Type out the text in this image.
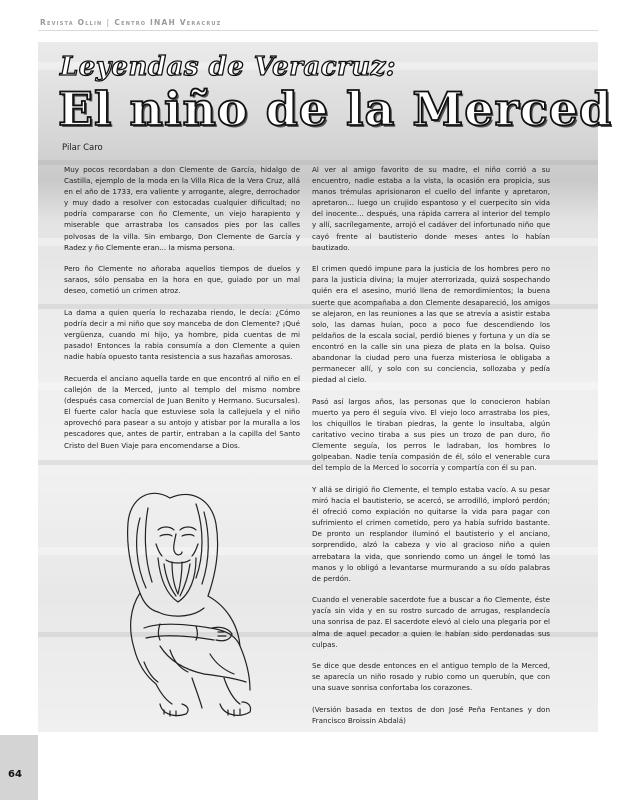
64
Revista Ollin | Centro INAH Veracruz
Leyendas de Veracruz:
El niño de la Merced
Pilar Caro

Muy pocos recordaban a don Clemente de García, hidalgo de Castilla, ejemplo de la moda en la Villa Rica de la Vera Cruz, allá en el año de 1733, era valiente y arrogante, alegre, derrochador y muy dado a resolver con estocadas cualquier dificultad; no podría compararse con ño Clemente, un viejo harapiento y miserable que arrastraba los cansados pies por las calles polvosas de la villa. Sin embargo, Don Clemente de García y Radez y ño Clemente eran... la misma persona.

Pero ño Clemente no añoraba aquellos tiempos de duelos y saraos, sólo pensaba en la hora en que, guiado por un mal deseo, cometió un crimen atroz.

La dama a quien quería lo rechazaba riendo, le decía: ¿Cómo podría decir a mi niño que soy manceba de don Clemente? ¡Qué vergüenza, cuando mi hijo, ya hombre, pida cuentas de mi pasado! Entonces la rabia consumía a don Clemente a quien nadie había opuesto tanta resistencia a sus hazañas amorosas.

Recuerda el anciano aquella tarde en que encontró al niño en el callejón de la Merced, junto al templo del mismo nombre (después casa comercial de Juan Benito y Hermano. Sucursales). El fuerte calor hacía que estuviese sola la callejuela y el niño aprovechó para pasear a su antojo y atisbar por la muralla a los pescadores que, antes de partir, entraban a la capilla del Santo Cristo del Buen Viaje para encomendarse a Dios.

Al ver al amigo favorito de su madre, el niño corrió a su encuentro, nadie estaba a la vista, la ocasión era propicia, sus manos trémulas aprisionaron el cuello del infante y apretaron, apretaron... luego un crujido espantoso y el cuerpecito sin vida del inocente... después, una rápida carrera al interior del templo y allí, sacrílegamente, arrojó el cadáver del infortunado niño que cayó frente al bautisterio donde meses antes lo habían bautizado.

El crimen quedó impune para la justicia de los hombres pero no para la justicia divina; la mujer aterrorizada, quizá sospechando quién era el asesino, murió llena de remordimientos; la buena suerte que acompañaba a don Clemente desapareció, los amigos se alejaron, en las reuniones a las que se atrevía a asistir estaba solo, las damas huían, poco a poco fue descendiendo los peldaños de la escala social, perdió bienes y fortuna y un día se encontró en la calle sin una pieza de plata en la bolsa. Quiso abandonar la ciudad pero una fuerza misteriosa le obligaba a permanecer allí, y solo con su conciencia, sollozaba y pedía piedad al cielo.

Pasó así largos años, las personas que lo conocieron habían muerto ya pero él seguía vivo. El viejo loco arrastraba los pies, los chiquillos le tiraban piedras, la gente lo insultaba, algún caritativo vecino tiraba a sus pies un trozo de pan duro, ño Clemente seguía, los perros le ladraban, los hombres lo golpeaban. Nadie tenía compasión de él, sólo el venerable cura del templo de la Merced lo socorría y compartía con él su pan.

Y allá se dirigió ño Clemente, el templo estaba vacío. A su pesar miró hacia el bautisterio, se acercó, se arrodilló, imploró perdón; él ofreció como expiación no quitarse la vida para pagar con sufrimiento el crimen cometido, pero ya había sufrido bastante. De pronto un resplandor iluminó el bautisterio y el anciano, sorprendido, alzó la cabeza y vio al gracioso niño a quien arrebatara la vida, que sonriendo como un ángel le tomó las manos y lo obligó a levantarse murmurando a su oído palabras de perdón.

Cuando el venerable sacerdote fue a buscar a ño Clemente, éste yacía sin vida y en su rostro surcado de arrugas, resplandecía una sonrisa de paz. El sacerdote elevó al cielo una plegaria por el alma de aquel pecador a quien le habían sido perdonadas sus culpas.

Se dice que desde entonces en el antiguo templo de la Merced, se aparecía un niño rosado y rubio como un querubín, que con una suave sonrisa confortaba los corazones.

(Versión basada en textos de don José Peña Fentanes y don Francisco Broissin Abdalá)
